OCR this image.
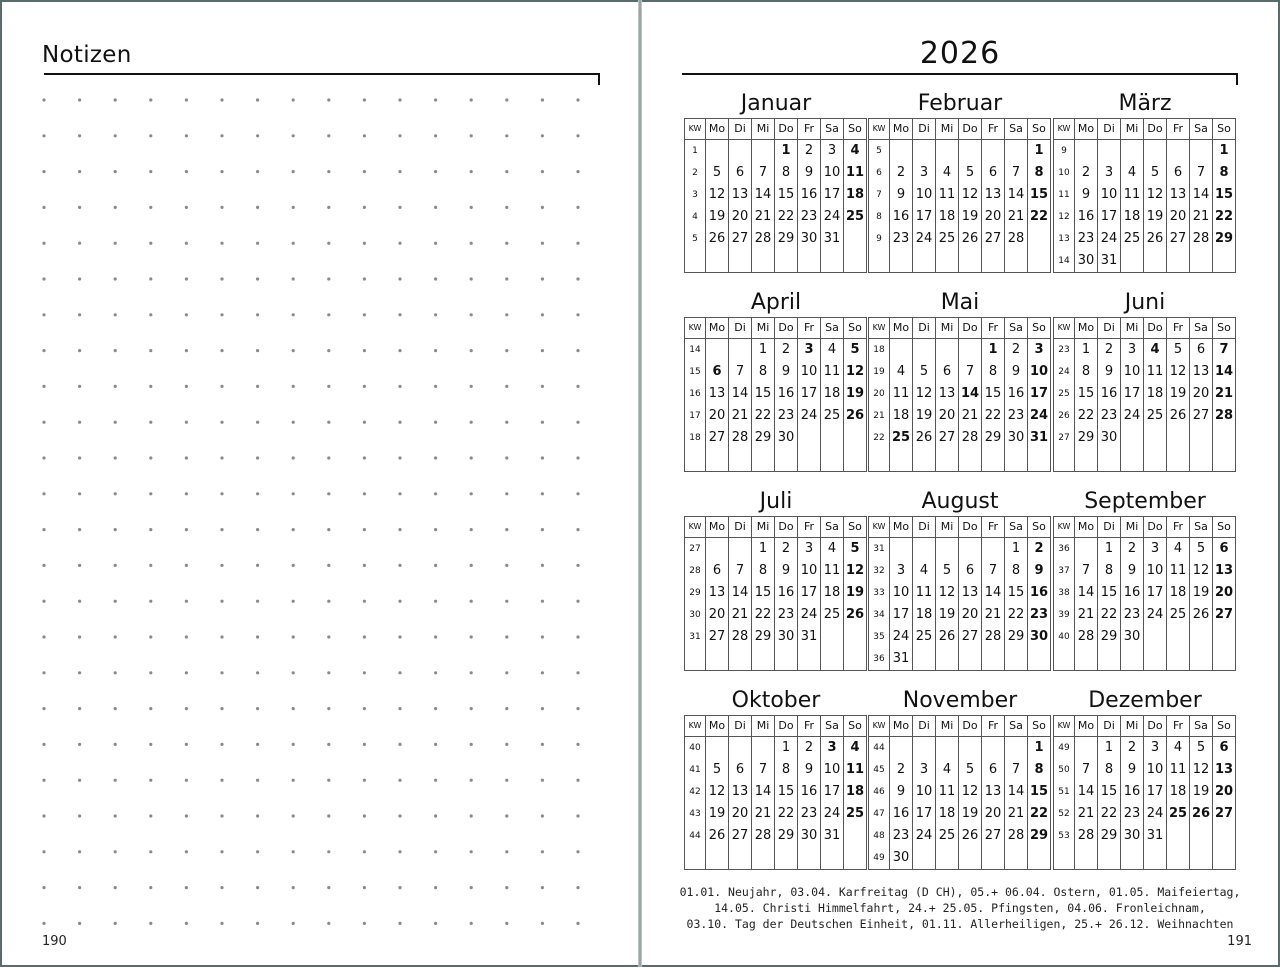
Notizen
190
2026
Januar
KW	Mo	Di	Mi	Do	Fr	Sa	So
1				1	2	3	4
2	5	6	7	8	9	10	11
3	12	13	14	15	16	17	18
4	19	20	21	22	23	24	25
5	26	27	28	29	30	31	

Februar
KW	Mo	Di	Mi	Do	Fr	Sa	So
5							1
6	2	3	4	5	6	7	8
7	9	10	11	12	13	14	15
8	16	17	18	19	20	21	22
9	23	24	25	26	27	28	

März
KW	Mo	Di	Mi	Do	Fr	Sa	So
9							1
10	2	3	4	5	6	7	8
11	9	10	11	12	13	14	15
12	16	17	18	19	20	21	22
13	23	24	25	26	27	28	29
14	30	31					
April
KW	Mo	Di	Mi	Do	Fr	Sa	So
14			1	2	3	4	5
15	6	7	8	9	10	11	12
16	13	14	15	16	17	18	19
17	20	21	22	23	24	25	26
18	27	28	29	30			

Mai
KW	Mo	Di	Mi	Do	Fr	Sa	So
18					1	2	3
19	4	5	6	7	8	9	10
20	11	12	13	14	15	16	17
21	18	19	20	21	22	23	24
22	25	26	27	28	29	30	31

Juni
KW	Mo	Di	Mi	Do	Fr	Sa	So
23	1	2	3	4	5	6	7
24	8	9	10	11	12	13	14
25	15	16	17	18	19	20	21
26	22	23	24	25	26	27	28
27	29	30					

Juli
KW	Mo	Di	Mi	Do	Fr	Sa	So
27			1	2	3	4	5
28	6	7	8	9	10	11	12
29	13	14	15	16	17	18	19
30	20	21	22	23	24	25	26
31	27	28	29	30	31		

August
KW	Mo	Di	Mi	Do	Fr	Sa	So
31						1	2
32	3	4	5	6	7	8	9
33	10	11	12	13	14	15	16
34	17	18	19	20	21	22	23
35	24	25	26	27	28	29	30
36	31						
September
KW	Mo	Di	Mi	Do	Fr	Sa	So
36		1	2	3	4	5	6
37	7	8	9	10	11	12	13
38	14	15	16	17	18	19	20
39	21	22	23	24	25	26	27
40	28	29	30				

Oktober
KW	Mo	Di	Mi	Do	Fr	Sa	So
40				1	2	3	4
41	5	6	7	8	9	10	11
42	12	13	14	15	16	17	18
43	19	20	21	22	23	24	25
44	26	27	28	29	30	31	

November
KW	Mo	Di	Mi	Do	Fr	Sa	So
44							1
45	2	3	4	5	6	7	8
46	9	10	11	12	13	14	15
47	16	17	18	19	20	21	22
48	23	24	25	26	27	28	29
49	30						
Dezember
KW	Mo	Di	Mi	Do	Fr	Sa	So
49		1	2	3	4	5	6
50	7	8	9	10	11	12	13
51	14	15	16	17	18	19	20
52	21	22	23	24	25	26	27
53	28	29	30	31			

01.01. Neujahr, 03.04. Karfreitag (D CH), 05.+ 06.04. Ostern, 01.05. Maifeiertag,
14.05. Christi Himmelfahrt, 24.+ 25.05. Pfingsten, 04.06. Fronleichnam,
03.10. Tag der Deutschen Einheit, 01.11. Allerheiligen, 25.+ 26.12. Weihnachten
191
